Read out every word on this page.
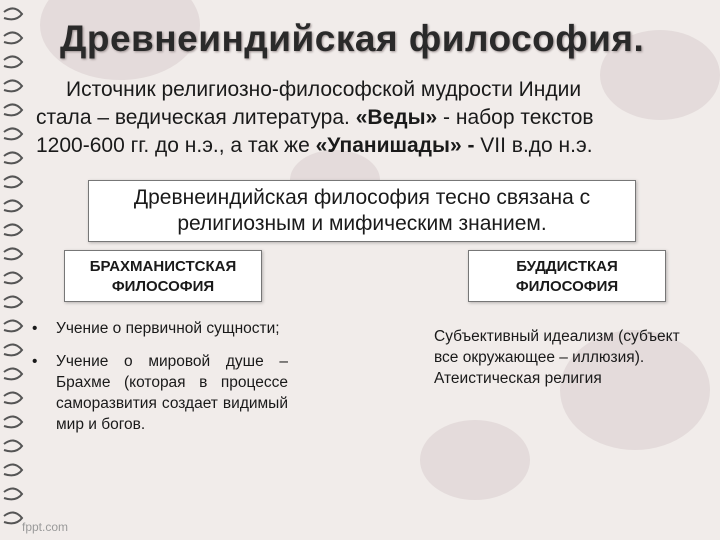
Древнеиндийская философия.
Источник религиозно-философской мудрости Индии
стала – ведическая литература. «Веды» - набор текстов
1200-600 гг. до н.э., а так же «Упанишады» - VII в.до н.э.
Древнеиндийская философия тесно связана с
религиозным и мифическим знанием.
БРАХМАНИСТСКАЯ
ФИЛОСОФИЯ
БУДДИСТКАЯ
ФИЛОСОФИЯ
•	Учение о первичной сущности;
•	Учение о мировой душе – Брахме (которая в процессе саморазвития создает видимый мир и богов.
Субъективный идеализм (субъект все окружающее – иллюзия). Атеистическая религия
fppt.com
